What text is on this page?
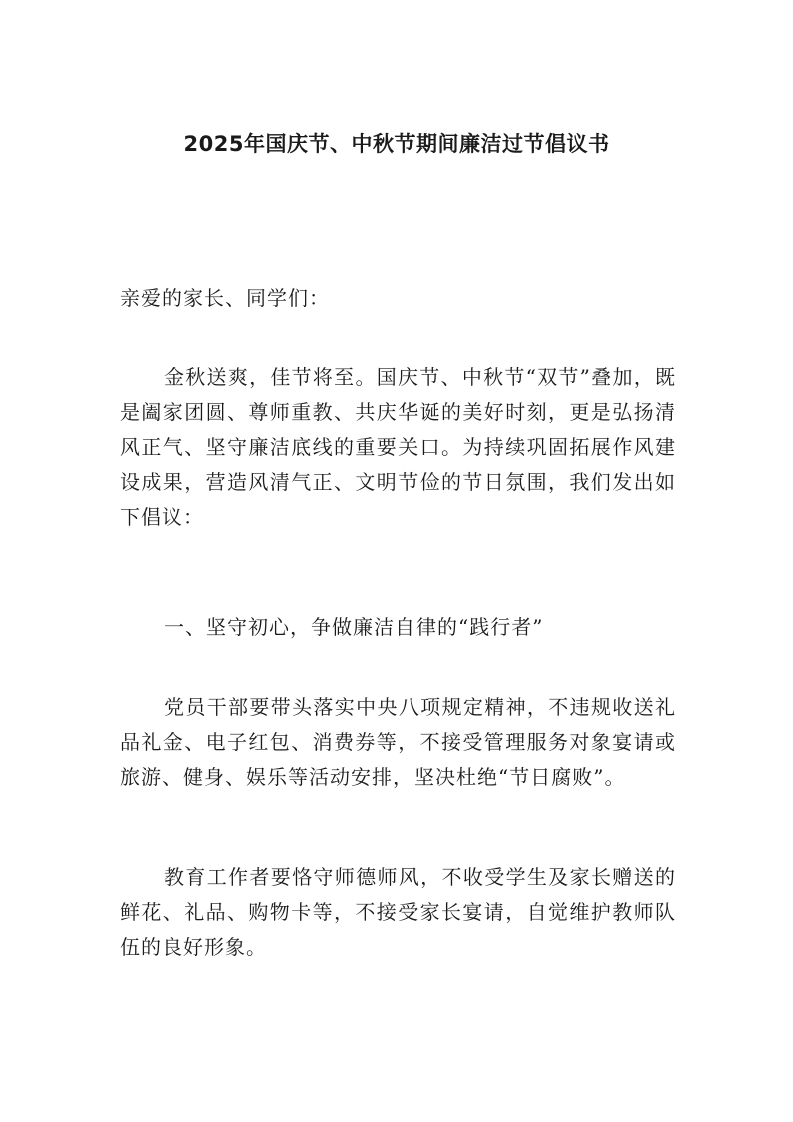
2025年国庆节、中秋节期间廉洁过节倡议书

亲爱的家长、同学们：

金秋送爽，佳节将至。国庆节、中秋节“双节”叠加，既是阖家团圆、尊师重教、共庆华诞的美好时刻，更是弘扬清风正气、坚守廉洁底线的重要关口。为持续巩固拓展作风建设成果，营造风清气正、文明节俭的节日氛围，我们发出如下倡议：

一、坚守初心，争做廉洁自律的“践行者”

党员干部要带头落实中央八项规定精神，不违规收送礼品礼金、电子红包、消费券等，不接受管理服务对象宴请或旅游、健身、娱乐等活动安排，坚决杜绝“节日腐败”。

教育工作者要恪守师德师风，不收受学生及家长赠送的鲜花、礼品、购物卡等，不接受家长宴请，自觉维护教师队伍的良好形象。
